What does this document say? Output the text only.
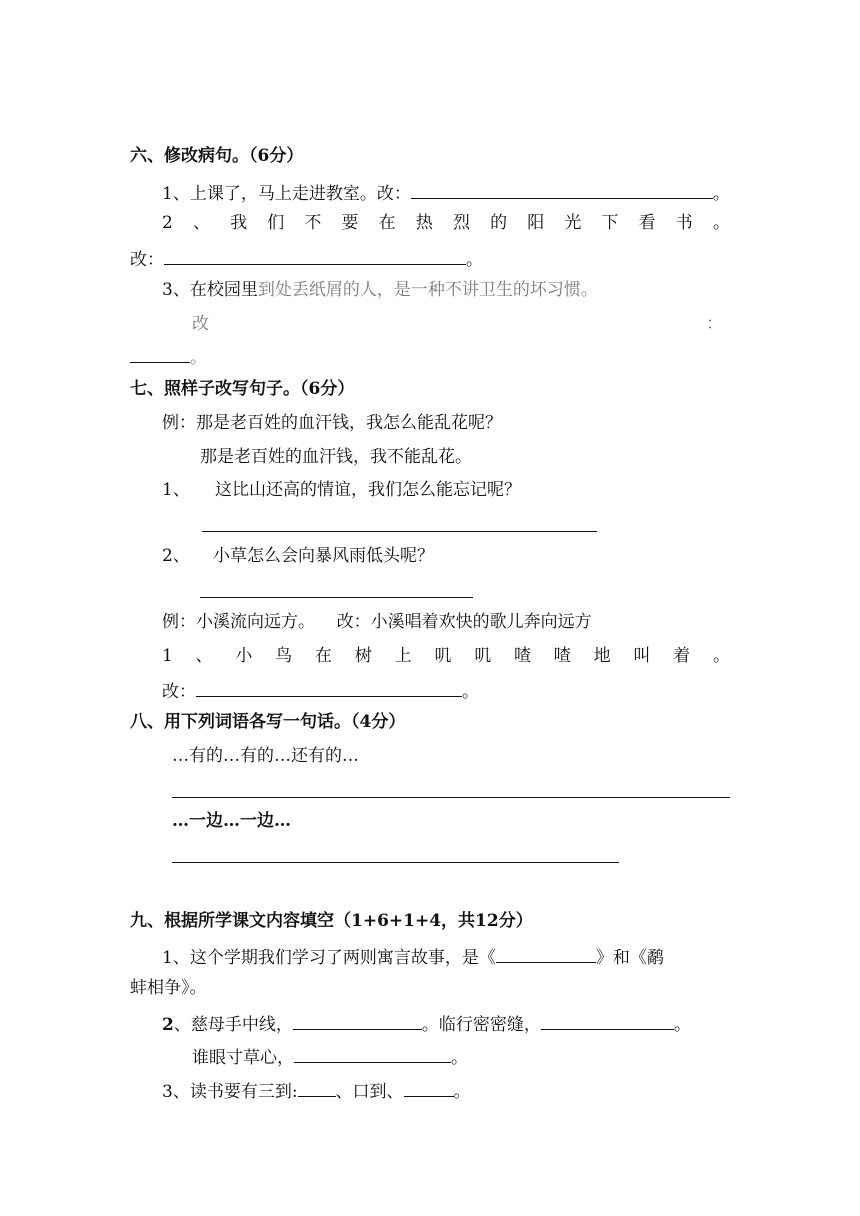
六、修改病句。（6分）
1、上课了，马上走进教室。改：	。
2 、 我 们 不 要 在 热 烈 的 阳 光 下 看 书 。
改：	。
3、在校园里到处丢纸屑的人，是一种不讲卫生的坏习惯。
改	：
。
七、照样子改写句子。（6分）
例：那是老百姓的血汗钱，我怎么能乱花呢？
那是老百姓的血汗钱，我不能乱花。
1、 这比山还高的情谊，我们怎么能忘记呢？
2、 小草怎么会向暴风雨低头呢？
例：小溪流向远方。    改：小溪唱着欢快的歌儿奔向远方
1 、 小 鸟 在 树 上 叽 叽 喳 喳 地 叫 着 。
改：	。
八、用下列词语各写一句话。（4分）
…有的…有的…还有的…
…一边…一边…
九、根据所学课文内容填空（1+6+1+4，共12分）
1、这个学期我们学习了两则寓言故事，是《	》和《鹬
蚌相争》。
2、慈母手中线，	。临行密密缝，	。
谁眼寸草心，	。
3、读书要有三到: 、口到、	。
